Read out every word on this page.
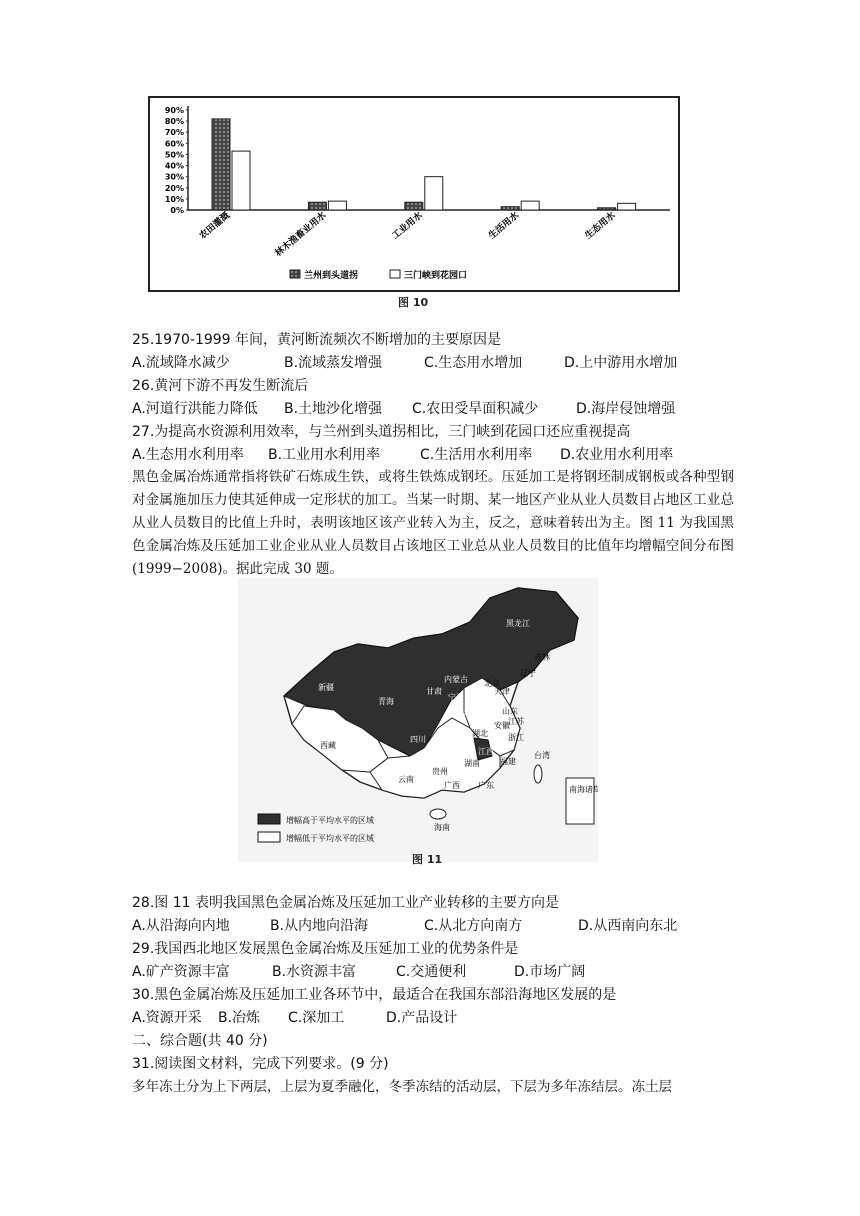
90%
80%
70%
60%
50%
40%
30%
20%
10%
0%
农田灌溉	林木渔畜业用水	工业用水	生活用水	生态用水
兰州到头道拐	三门峡到花园口
图 10
25.1970-1999 年间，黄河断流频次不断增加的主要原因是
A.流域降水减少	B.流域蒸发增强	C.生态用水增加	D.上中游用水增加
26.黄河下游不再发生断流后
A.河道行洪能力降低 B.土地沙化增强 C.农田受旱面积减少	D.海岸侵蚀增强
27.为提高水资源利用效率，与兰州到头道拐相比，三门峡到花园口还应重视提高
A.生态用水利用率 B.工业用水利用率	C.生活用水利用率 D.农业用水利用率
黑色金属冶炼通常指将铁矿石炼成生铁，或将生铁炼成钢坯。压延加工是将钢坯制成钢板或各种型钢对金属施加压力使其延伸成一定形状的加工。当某一时期、某一地区产业从业人员数目占地区工业总从业人员数目的比值上升时，表明该地区该产业转入为主，反之，意味着转出为主。图 11 为我国黑色金属冶炼及压延加工业企业从业人员数目占该地区工业总从业人员数目的比值年均增幅空间分布图(1999−2008)。据此完成 30 题。
南海诸岛
黑龙江
吉林
辽宁
内蒙古 北京
天津
河北
山西	山东
甘肃
宁夏
陕西 河南
青海
西藏
四川
湖北
安徽
江苏
浙江
重庆
贵州
湖南
江西
福建
云南
广西 广东
台湾
海南
新疆
增幅高于平均水平的区域
增幅低于平均水平的区域
图 11
28.图 11 表明我国黑色金属冶炼及压延加工业产业转移的主要方向是
A.从沿海向内地	B.从内地向沿海	C.从北方向南方	D.从西南向东北
29.我国西北地区发展黑色金属冶炼及压延加工业的优势条件是
A.矿产资源丰富	B.水资源丰富	C.交通便利	D.市场广阔
30.黑色金属冶炼及压延加工业各环节中，最适合在我国东部沿海地区发展的是
A.资源开采 B.冶炼 C.深加工	D.产品设计
二、综合题(共 40 分)
31.阅读图文材料，完成下列要求。(9 分)
多年冻土分为上下两层，上层为夏季融化，冬季冻结的活动层，下层为多年冻结层。冻土层
